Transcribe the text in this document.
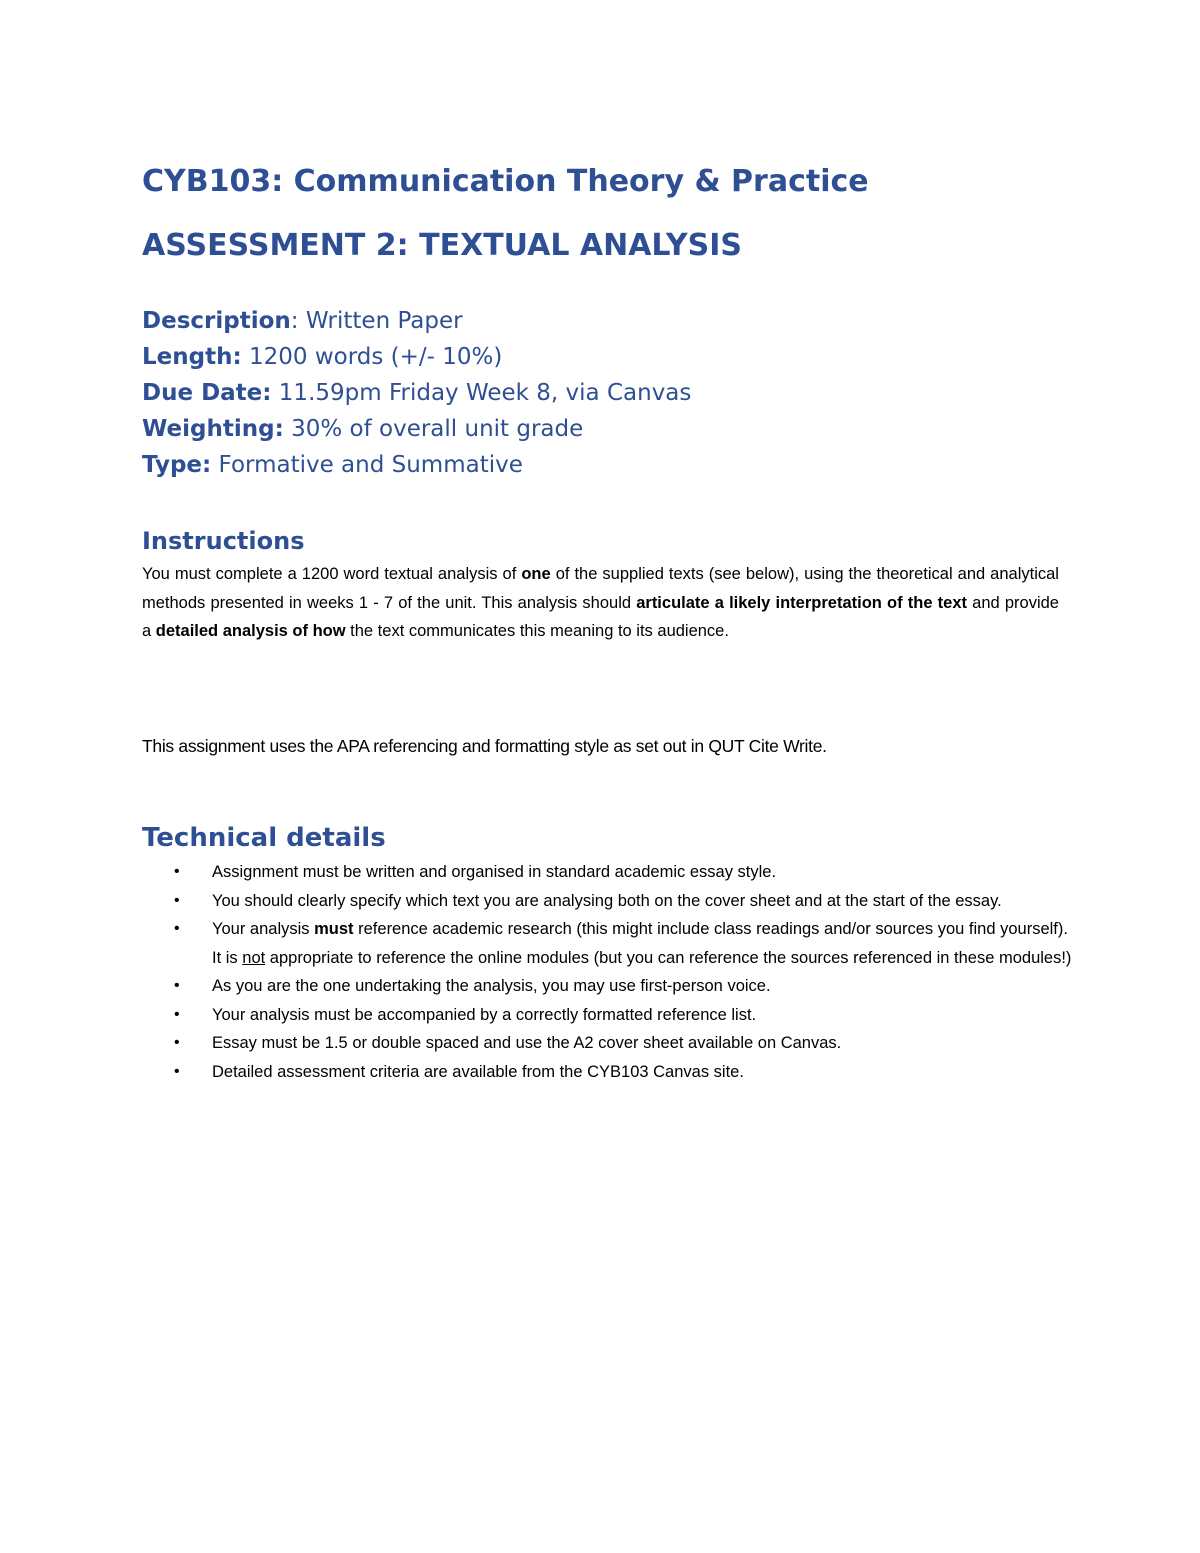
CYB103: Communication Theory & Practice
ASSESSMENT 2: TEXTUAL ANALYSIS
Description: Written Paper
Length: 1200 words (+/- 10%)
Due Date: 11.59pm Friday Week 8, via Canvas
Weighting: 30% of overall unit grade
Type: Formative and Summative
Instructions

You must complete a 1200 word textual analysis of one of the supplied texts (see below), using the theoretical and analytical methods presented in weeks 1 - 7 of the unit. This analysis should articulate a likely interpretation of the text and provide a detailed analysis of how the text communicates this meaning to its audience.

This assignment uses the APA referencing and formatting style as set out in QUT Cite Write.

Technical details
• Assignment must be written and organised in standard academic essay style.
• You should clearly specify which text you are analysing both on the cover sheet and at the start of the essay.
• Your analysis must reference academic research (this might include class readings and/or sources you find yourself). It is not appropriate to reference the online modules (but you can reference the sources referenced in these modules!)
• As you are the one undertaking the analysis, you may use first-person voice.
• Your analysis must be accompanied by a correctly formatted reference list.
• Essay must be 1.5 or double spaced and use the A2 cover sheet available on Canvas.
• Detailed assessment criteria are available from the CYB103 Canvas site.
